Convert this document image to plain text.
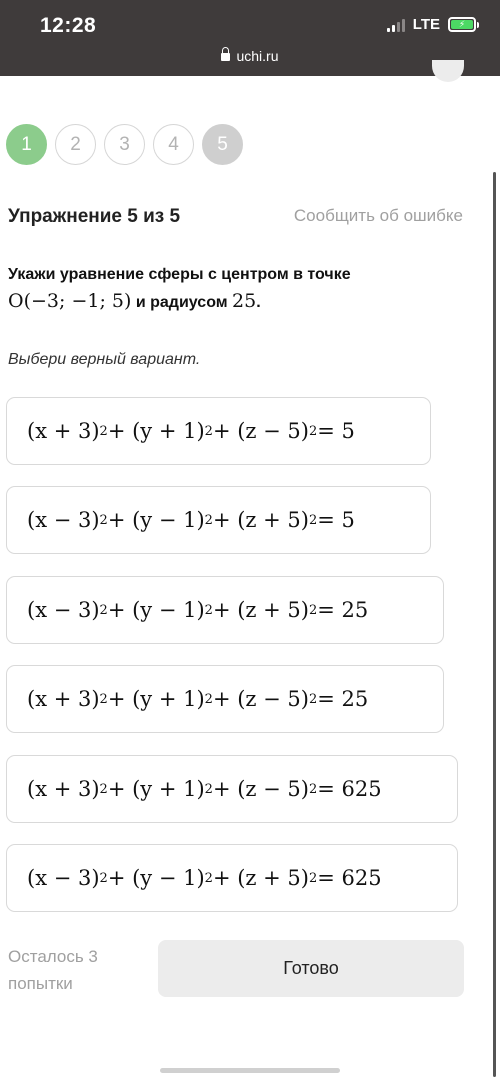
12:28	LTE	⚡
uchi.ru
1	2	3	4	5
Упражнение 5 из 5	Сообщить об ошибке
Укажи уравнение сферы с центром в точке
O(−3; −1; 5) и радиусом 25.
Выбери верный вариант.
(x + 3) 2 + (y + 1) 2 + (z − 5) 2 = 5
(x − 3) 2 + (y − 1) 2 + (z + 5) 2 = 5
(x − 3) 2 + (y − 1) 2 + (z + 5) 2 = 25
(x + 3) 2 + (y + 1) 2 + (z − 5) 2 = 25
(x + 3) 2 + (y + 1) 2 + (z − 5) 2 = 625
(x − 3) 2 + (y − 1) 2 + (z + 5) 2 = 625
Осталось 3 попытки
Готово
